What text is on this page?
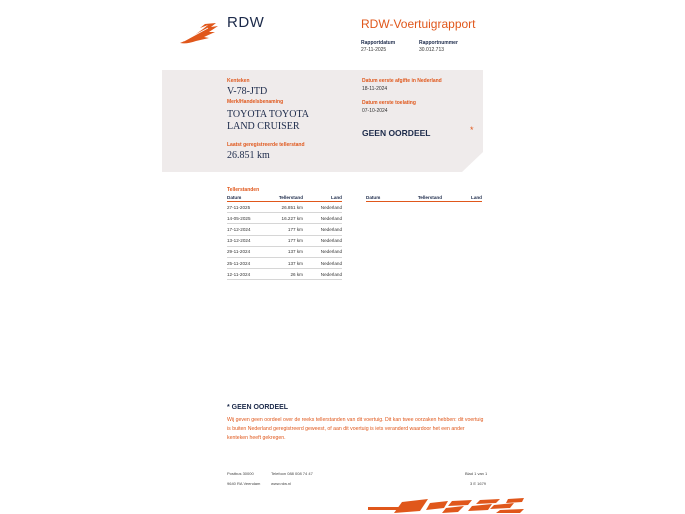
RDW	RDW-Voertuigrapport
Rapportdatum
27-11-2025
Rapportnummer
30.012.713
Kenteken
V-78-JTD
Merk/Handelsbenaming
TOYOTA TOYOTA
LAND CRUISER
Laatst geregistreerde tellerstand
26.851 km
Datum eerste afgifte in Nederland
18-11-2024
Datum eerste toelating
07-10-2024
GEEN OORDEEL	*
Tellerstanden
Datum	Tellerstand	Land
27-11-2025	26.851 km	Nederland
14-05-2025	16.227 km	Nederland
17-12-2024	177 km	Nederland
13-12-2024	177 km	Nederland
29-11-2024	137 km	Nederland
25-11-2024	137 km	Nederland
12-11-2024	26 km	Nederland
Datum	Tellerstand	Land
* GEEN OORDEEL
Wij geven geen oordeel over de reeks tellerstanden van dit voertuig. Dit kan twee oorzaken hebben: dit voertuig is buiten Nederland geregistreerd geweest, of aan dit voertuig is iets veranderd waardoor het een ander kenteken heeft gekregen.
Postbus 30000
9640 RA Veendam
Telefoon 088 008 74 47
www.rdw.nl
Blad 1 van 1
3 E 1679
